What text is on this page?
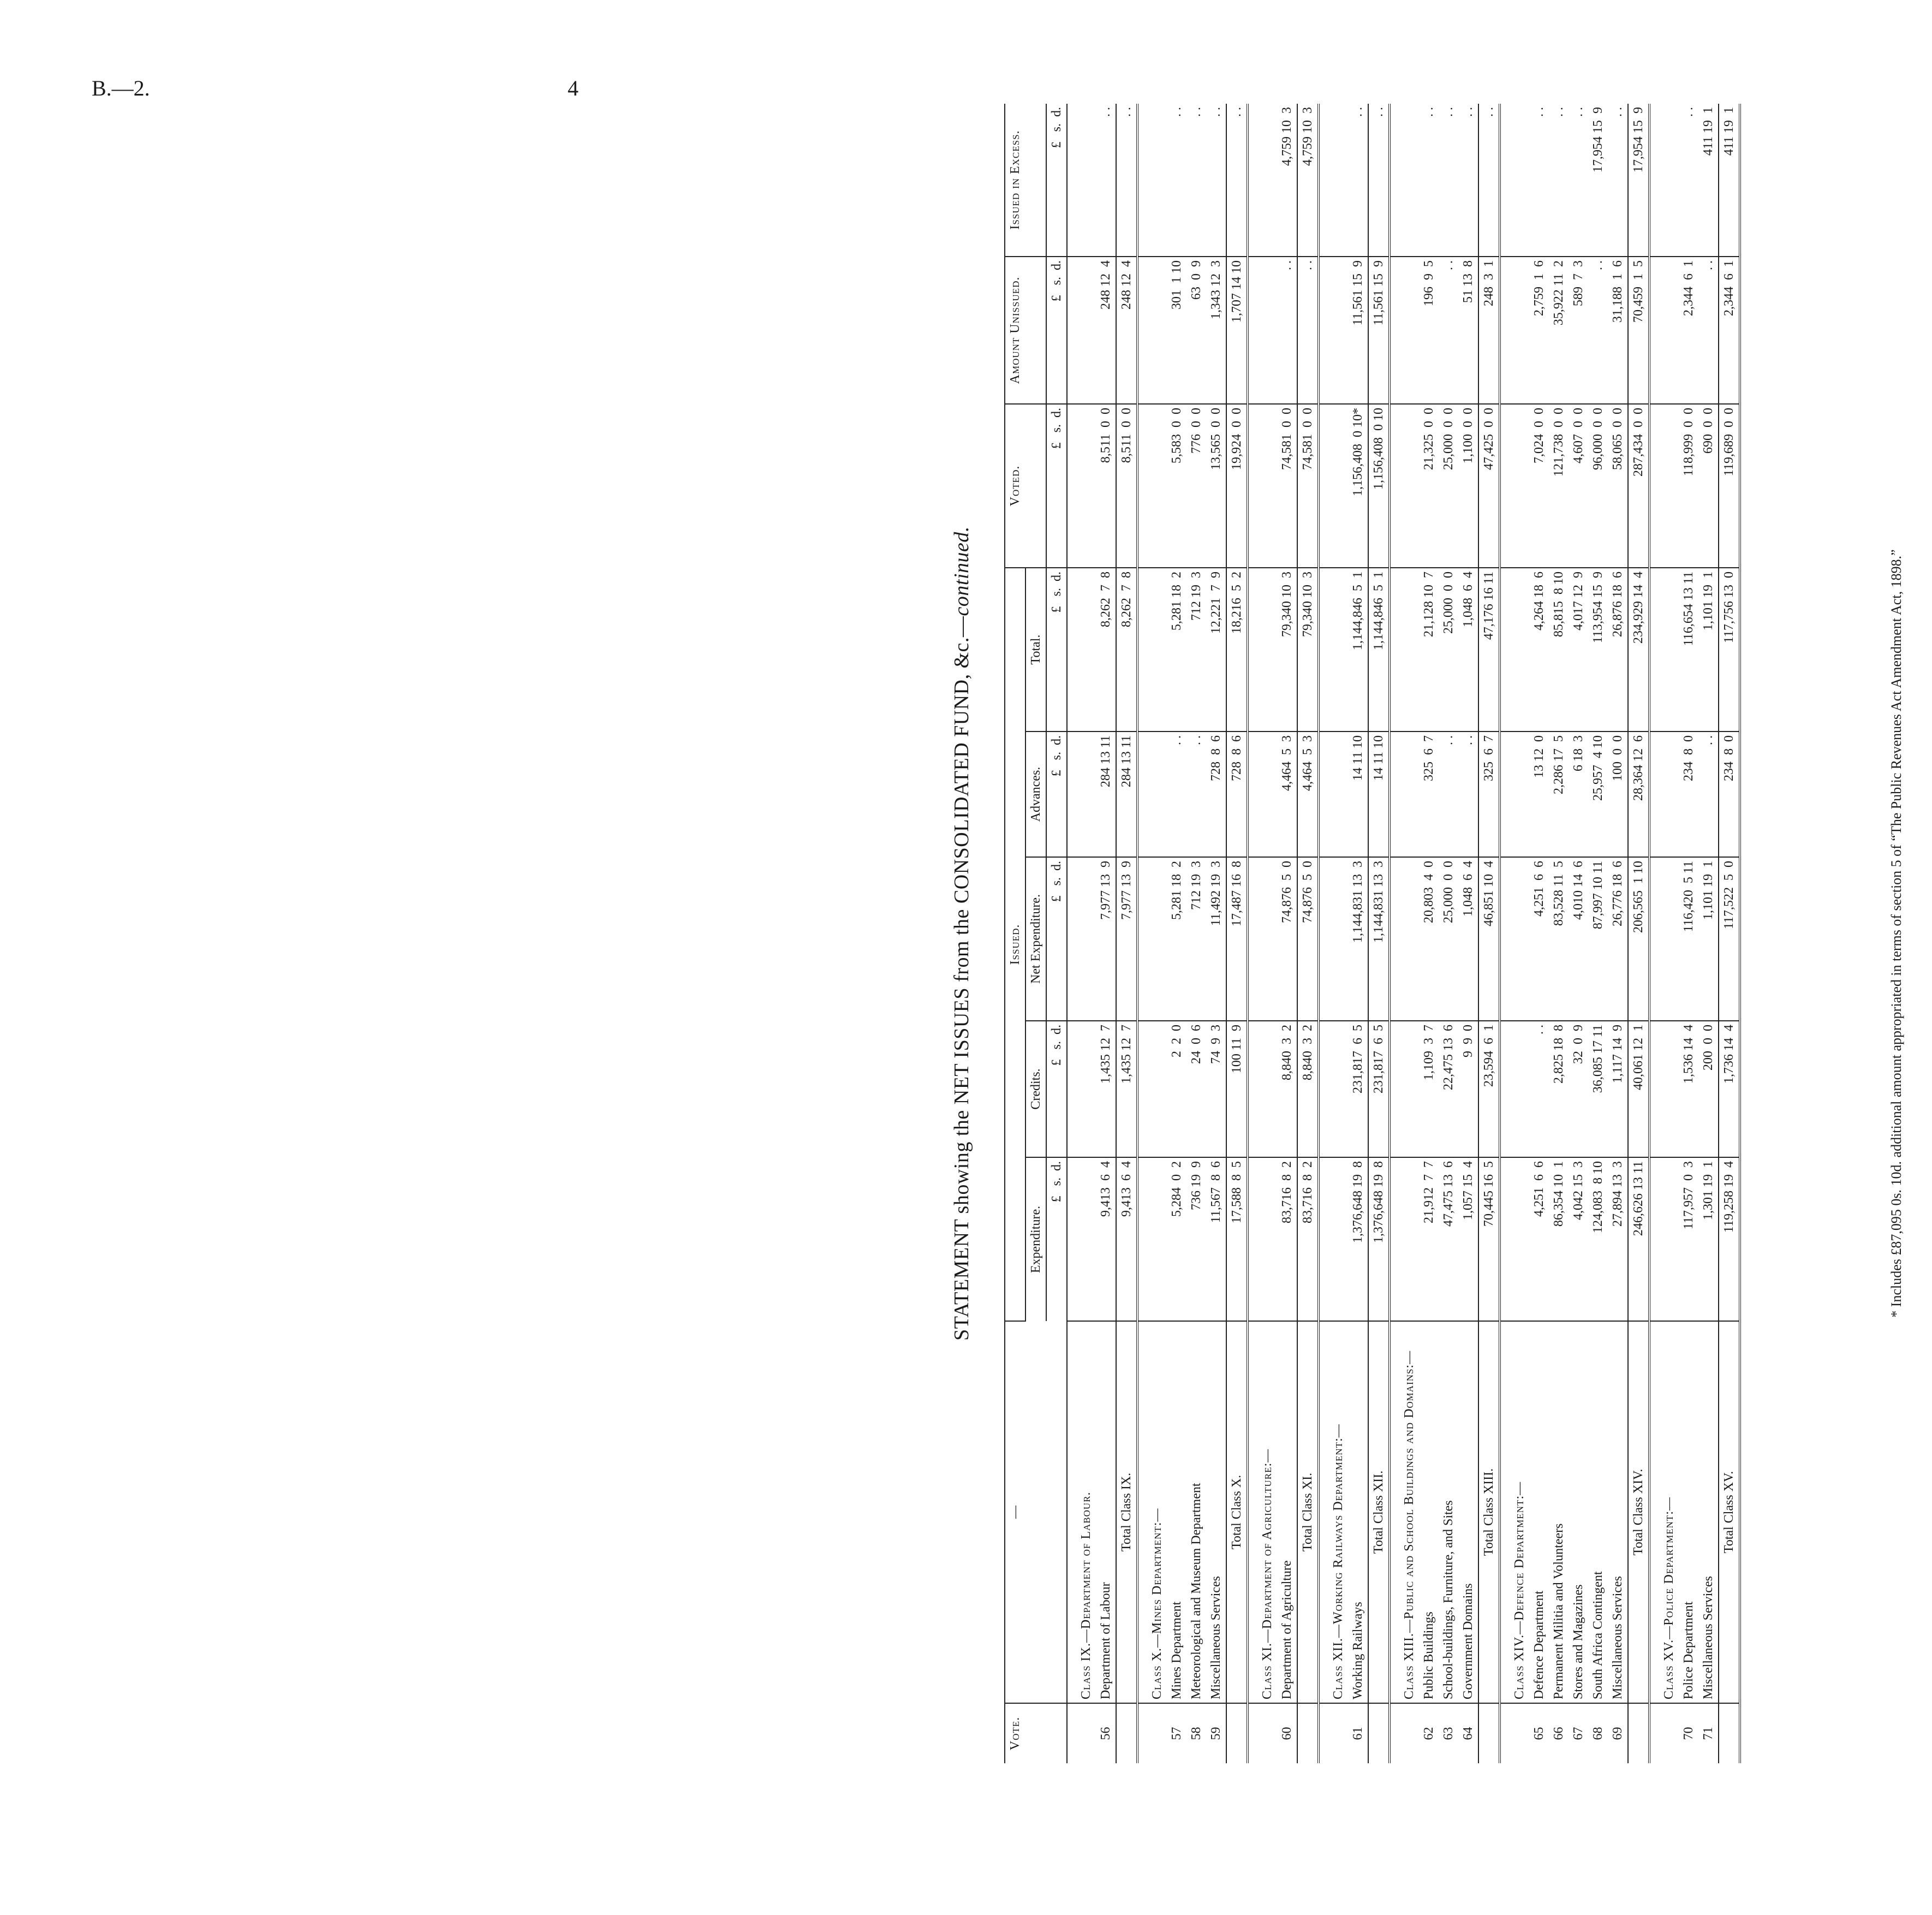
B.—2.	4
STATEMENT showing the NET ISSUES from the CONSOLIDATED FUND, &c.—continued.
Vote.	—	Issued.					Voted.	Amount Unissued.	Issued in Excess.
		Expenditure.	Credits.	Net Expenditure.	Advances.	Total.			
		£   s.  d.	£   s.  d.	£   s.  d.	£   s.  d.	£   s.  d.	£   s.  d.	£   s.  d.	£   s.  d.
	Class IX.—Department of Labour.								
56	Department of Labour	9,413  6  4	1,435 12  7	7,977 13  9	284 13 11	8,262  7  8	8,511  0  0	248 12  4	. .
	Total Class IX.	9,413  6  4	1,435 12  7	7,977 13  9	284 13 11	8,262  7  8	8,511  0  0	248 12  4	. .
	Class X.—Mines Department:—								
57	Mines Department	5,284  0  2	2  2  0	5,281 18  2	. .	5,281 18  2	5,583  0  0	301  1 10	. .
58	Meteorological and Museum Department	736 19  9	24  0  6	712 19  3	. .	712 19  3	776  0  0	63  0  9	. .
59	Miscellaneous Services	11,567  8  6	74  9  3	11,492 19  3	728  8  6	12,221  7  9	13,565  0  0	1,343 12  3	. .
	Total Class X.	17,588  8  5	100 11  9	17,487 16  8	728  8  6	18,216  5  2	19,924  0  0	1,707 14 10	. .
	Class XI.—Department of Agriculture:—								
60	Department of Agriculture	83,716  8  2	8,840  3  2	74,876  5  0	4,464  5  3	79,340 10  3	74,581  0  0	. .	4,759 10  3
	Total Class XI.	83,716  8  2	8,840  3  2	74,876  5  0	4,464  5  3	79,340 10  3	74,581  0  0	. .	4,759 10  3
	Class XII.—Working Railways Department:—								
61	Working Railways	1,376,648 19  8	231,817  6  5	1,144,831 13  3	14 11 10	1,144,846  5  1	1,156,408  0 10*	11,561 15  9	. .
	Total Class XII.	1,376,648 19  8	231,817  6  5	1,144,831 13  3	14 11 10	1,144,846  5  1	1,156,408  0 10	11,561 15  9	. .
	Class XIII.—Public and School Buildings and Domains:—								
62	Public Buildings	21,912  7  7	1,109  3  7	20,803  4  0	325  6  7	21,128 10  7	21,325  0  0	196  9  5	. .
63	School-buildings, Furniture, and Sites	47,475 13  6	22,475 13  6	25,000  0  0	. .	25,000  0  0	25,000  0  0	. .	. .
64	Government Domains	1,057 15  4	9  9  0	1,048  6  4	. .	1,048  6  4	1,100  0  0	51 13  8	. .
	Total Class XIII.	70,445 16  5	23,594  6  1	46,851 10  4	325  6  7	47,176 16 11	47,425  0  0	248  3  1	. .
	Class XIV.—Defence Department:—								
65	Defence Department	4,251  6  6	. .	4,251  6  6	13 12  0	4,264 18  6	7,024  0  0	2,759  1  6	. .
66	Permanent Militia and Volunteers	86,354 10  1	2,825 18  8	83,528 11  5	2,286 17  5	85,815  8 10	121,738  0  0	35,922 11  2	. .
67	Stores and Magazines	4,042 15  3	32  0  9	4,010 14  6	6 18  3	4,017 12  9	4,607  0  0	589  7  3	. .
68	South Africa Contingent	124,083  8 10	36,085 17 11	87,997 10 11	25,957  4 10	113,954 15  9	96,000  0  0	. .	17,954 15  9
69	Miscellaneous Services	27,894 13  3	1,117 14  9	26,776 18  6	100  0  0	26,876 18  6	58,065  0  0	31,188  1  6	. .
	Total Class XIV.	246,626 13 11	40,061 12  1	206,565  1 10	28,364 12  6	234,929 14  4	287,434  0  0	70,459  1  5	17,954 15  9
	Class XV.—Police Department:—								
70	Police Department	117,957  0  3	1,536 14  4	116,420  5 11	234  8  0	116,654 13 11	118,999  0  0	2,344  6  1	. .
71	Miscellaneous Services	1,301 19  1	200  0  0	1,101 19  1	. .	1,101 19  1	690  0  0	. .	411 19  1
	Total Class XV.	119,258 19  4	1,736 14  4	117,522  5  0	234  8  0	117,756 13  0	119,689  0  0	2,344  6  1	411 19  1
* Includes £87,095 0s. 10d. additional amount appropriated in terms of section 5 of “The Public Revenues Act Amendment Act, 1898.”
